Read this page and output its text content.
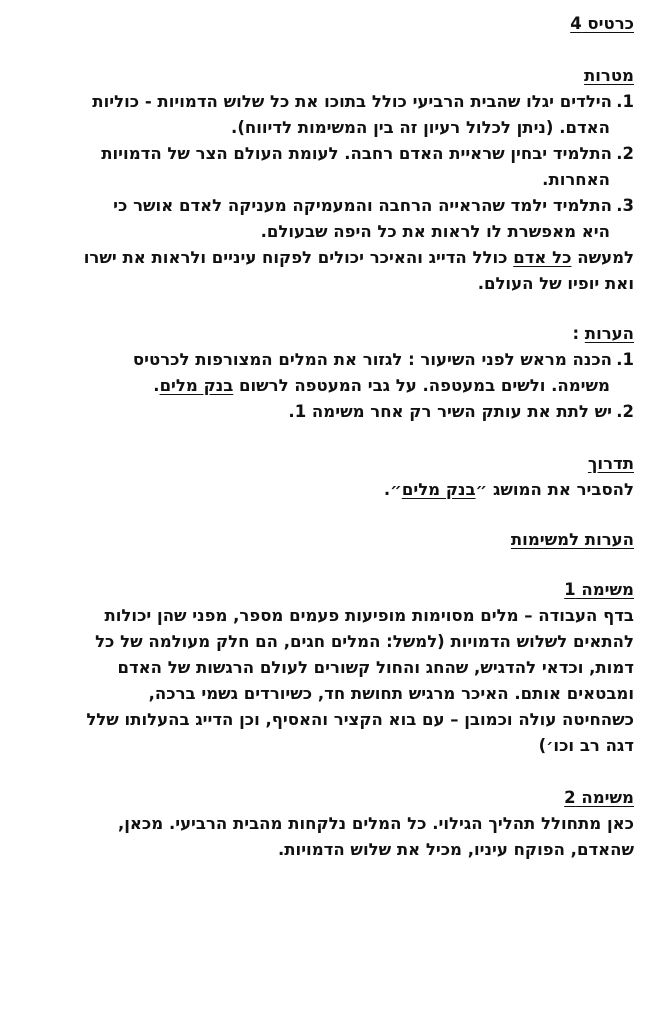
כרטיס 4
מטרות
1.הילדים יגלו שהבית הרביעי כולל בתוכו את כל שלוש הדמויות - כוליות
האדם. (ניתן לכלול רעיון זה בין המשימות לדיווח).
2.התלמיד יבחין שראיית האדם רחבה. לעומת העולם הצר של הדמויות
האחרות.
3.התלמיד ילמד שהראייה הרחבה והמעמיקה מעניקה לאדם אושר כי
היא מאפשרת לו לראות את כל היפה שבעולם.
למעשה כל אדם כולל הדייג והאיכר יכולים לפקוח עיניים ולראות את ישרו
ואת יופיו של העולם.
הערות :
1.הכנה מראש לפני השיעור : לגזור את המלים המצורפות לכרטיס
משימה. ולשים במעטפה. על גבי המעטפה לרשום בנק מלים.
2.יש לתת את עותק השיר רק אחר משימה 1.
תדרוך
להסביר את המושג ״בנק מלים״.
הערות למשימות
משימה 1
בדף העבודה – מלים מסוימות מופיעות פעמים מספר, מפני שהן יכולות
להתאים לשלוש הדמויות (למשל: המלים חגים, הם חלק מעולמה של כל
דמות, וכדאי להדגיש, שהחג והחול קשורים לעולם הרגשות של האדם
ומבטאים אותם. האיכר מרגיש תחושת חד, כשיורדים גשמי ברכה,
כשהחיטה עולה וכמובן – עם בוא הקציר והאסיף, וכן הדייג בהעלותו שלל
דגה רב וכו׳)
משימה 2
כאן מתחולל תהליך הגילוי. כל המלים נלקחות מהבית הרביעי. מכאן,
שהאדם, הפוקח עיניו, מכיל את שלוש הדמויות.
